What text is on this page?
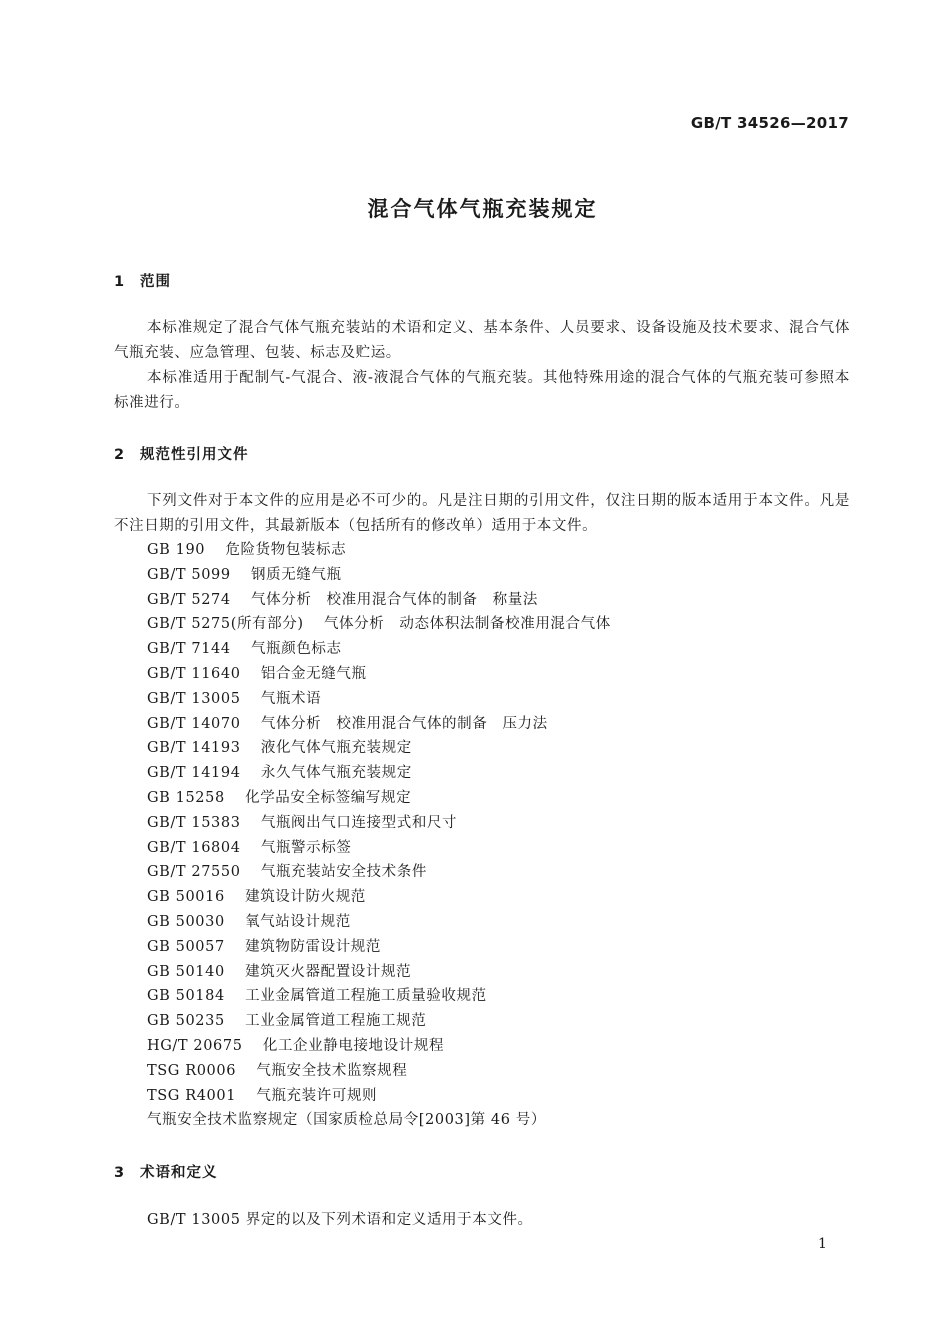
GB/T 34526—2017
混合气体气瓶充装规定
1 范围

本标准规定了混合气体气瓶充装站的术语和定义、基本条件、人员要求、设备设施及技术要求、混合气体气瓶充装、应急管理、包装、标志及贮运。

本标准适用于配制气-气混合、液-液混合气体的气瓶充装。其他特殊用途的混合气体的气瓶充装可参照本标准进行。

2 规范性引用文件

下列文件对于本文件的应用是必不可少的。凡是注日期的引用文件，仅注日期的版本适用于本文件。凡是不注日期的引用文件，其最新版本（包括所有的修改单）适用于本文件。

GB 190　 危险货物包装标志
GB/T 5099　 钢质无缝气瓶
GB/T 5274　 气体分析　校准用混合气体的制备　称量法
GB/T 5275(所有部分)　 气体分析　动态体积法制备校准用混合气体
GB/T 7144　 气瓶颜色标志
GB/T 11640　 铝合金无缝气瓶
GB/T 13005　 气瓶术语
GB/T 14070　 气体分析　校准用混合气体的制备　压力法
GB/T 14193　 液化气体气瓶充装规定
GB/T 14194　 永久气体气瓶充装规定
GB 15258　 化学品安全标签编写规定
GB/T 15383　 气瓶阀出气口连接型式和尺寸
GB/T 16804　 气瓶警示标签
GB/T 27550　 气瓶充装站安全技术条件
GB 50016　 建筑设计防火规范
GB 50030　 氧气站设计规范
GB 50057　 建筑物防雷设计规范
GB 50140　 建筑灭火器配置设计规范
GB 50184　 工业金属管道工程施工质量验收规范
GB 50235　 工业金属管道工程施工规范
HG/T 20675　 化工企业静电接地设计规程
TSG R0006　 气瓶安全技术监察规程
TSG R4001　 气瓶充装许可规则
气瓶安全技术监察规定（国家质检总局令[2003]第 46 号）
3 术语和定义

GB/T 13005 界定的以及下列术语和定义适用于本文件。

1
